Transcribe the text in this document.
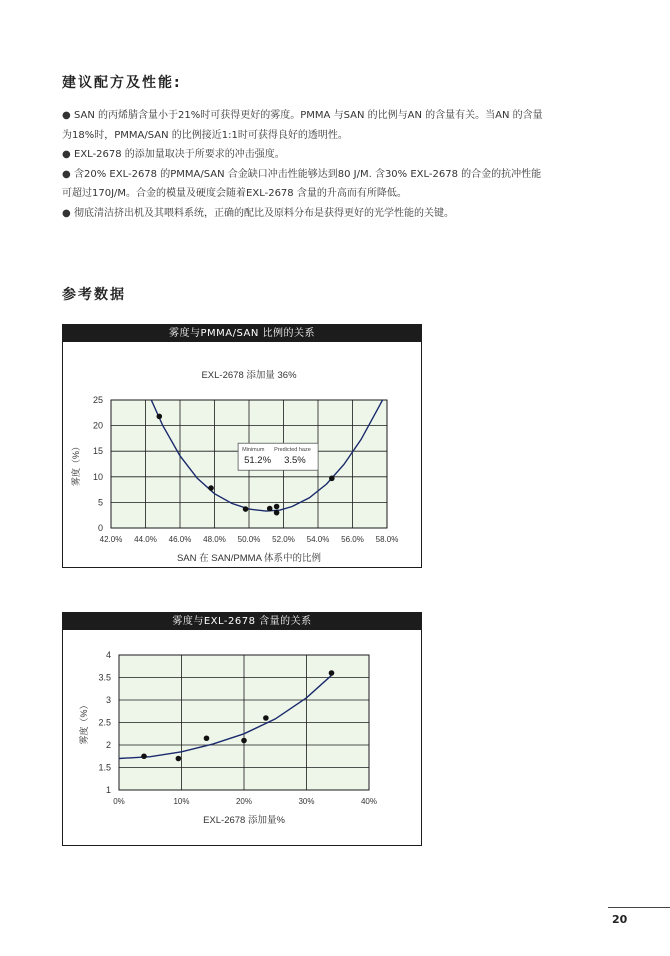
建议配方及性能:
● SAN 的丙烯腈含量小于21%时可获得更好的雾度。PMMA 与SAN 的比例与AN 的含量有关。当AN 的含量
为18%时，PMMA/SAN 的比例接近1:1时可获得良好的透明性。
● EXL-2678 的添加量取决于所要求的冲击强度。
● 含20% EXL-2678 的PMMA/SAN 合金缺口冲击性能够达到80 J/M. 含30% EXL-2678 的合金的抗冲性能
可超过170J/M。合金的模量及硬度会随着EXL-2678 含量的升高而有所降低。
● 彻底清洁挤出机及其喂料系统，正确的配比及原料分布是获得更好的光学性能的关键。
参考数据
雾度与PMMA/SAN 比例的关系
42.0% 44.0% 46.0% 48.0% 50.0% 52.0% 54.0% 56.0% 58.0%
0
5
10
15
20
25
SAN 在 SAN/PMMA 体系中的比例
雾度（%）
EXL-2678 添加量 36%
Minimum Predicted haze
51.2% 3.5%
雾度与EXL-2678 含量的关系
0%	10%	20%	30%	40%
1
1.5
2
2.5
3
3.5
4
EXL-2678 添加量%
雾度（%）
20
